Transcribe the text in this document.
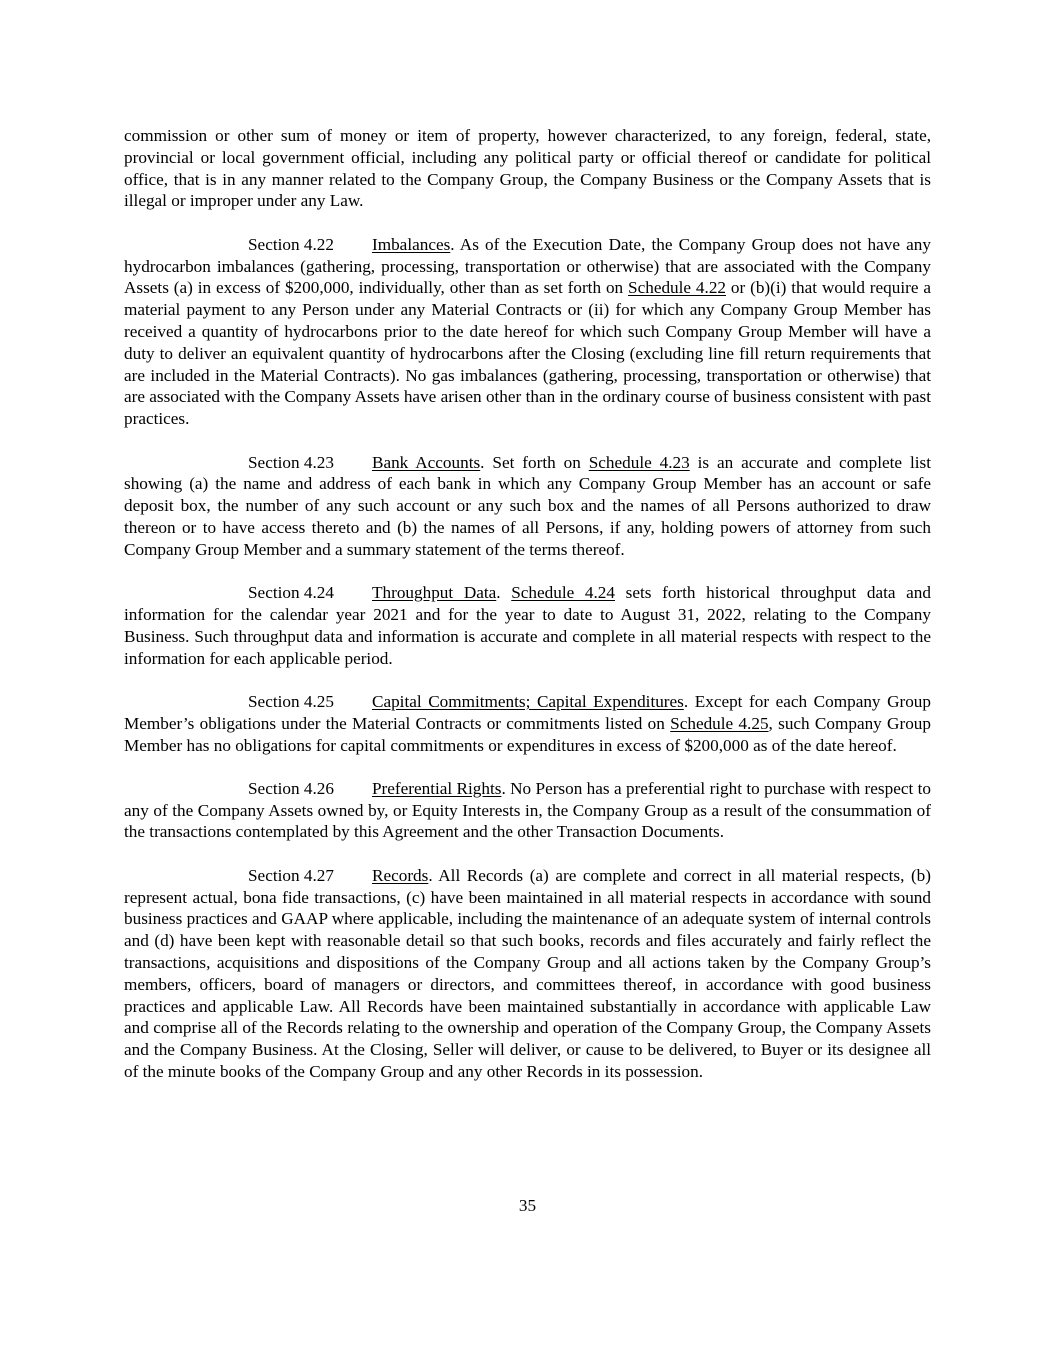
commission or other sum of money or item of property, however characterized, to any foreign, federal, state, provincial or local government official, including any political party or official thereof or candidate for political office, that is in any manner related to the Company Group, the Company Business or the Company Assets that is illegal or improper under any Law.

Section 4.22 Imbalances. As of the Execution Date, the Company Group does not have any hydrocarbon imbalances (gathering, processing, transportation or otherwise) that are associated with the Company Assets (a) in excess of $200,000, individually, other than as set forth on Schedule 4.22 or (b)(i) that would require a material payment to any Person under any Material Contracts or (ii) for which any Company Group Member has received a quantity of hydrocarbons prior to the date hereof for which such Company Group Member will have a duty to deliver an equivalent quantity of hydrocarbons after the Closing (excluding line fill return requirements that are included in the Material Contracts). No gas imbalances (gathering, processing, transportation or otherwise) that are associated with the Company Assets have arisen other than in the ordinary course of business consistent with past practices.

Section 4.23 Bank Accounts. Set forth on Schedule 4.23 is an accurate and complete list showing (a) the name and address of each bank in which any Company Group Member has an account or safe deposit box, the number of any such account or any such box and the names of all Persons authorized to draw thereon or to have access thereto and (b) the names of all Persons, if any, holding powers of attorney from such Company Group Member and a summary statement of the terms thereof.

Section 4.24 Throughput Data. Schedule 4.24 sets forth historical throughput data and information for the calendar year 2021 and for the year to date to August 31, 2022, relating to the Company Business. Such throughput data and information is accurate and complete in all material respects with respect to the information for each applicable period.

Section 4.25 Capital Commitments; Capital Expenditures. Except for each Company Group Member’s obligations under the Material Contracts or commitments listed on Schedule 4.25, such Company Group Member has no obligations for capital commitments or expenditures in excess of $200,000 as of the date hereof.

Section 4.26 Preferential Rights. No Person has a preferential right to purchase with respect to any of the Company Assets owned by, or Equity Interests in, the Company Group as a result of the consummation of the transactions contemplated by this Agreement and the other Transaction Documents.

Section 4.27 Records. All Records (a) are complete and correct in all material respects, (b) represent actual, bona fide transactions, (c) have been maintained in all material respects in accordance with sound business practices and GAAP where applicable, including the maintenance of an adequate system of internal controls and (d) have been kept with reasonable detail so that such books, records and files accurately and fairly reflect the transactions, acquisitions and dispositions of the Company Group and all actions taken by the Company Group’s members, officers, board of managers or directors, and committees thereof, in accordance with good business practices and applicable Law. All Records have been maintained substantially in accordance with applicable Law and comprise all of the Records relating to the ownership and operation of the Company Group, the Company Assets and the Company Business. At the Closing, Seller will deliver, or cause to be delivered, to Buyer or its designee all of the minute books of the Company Group and any other Records in its possession.

35
